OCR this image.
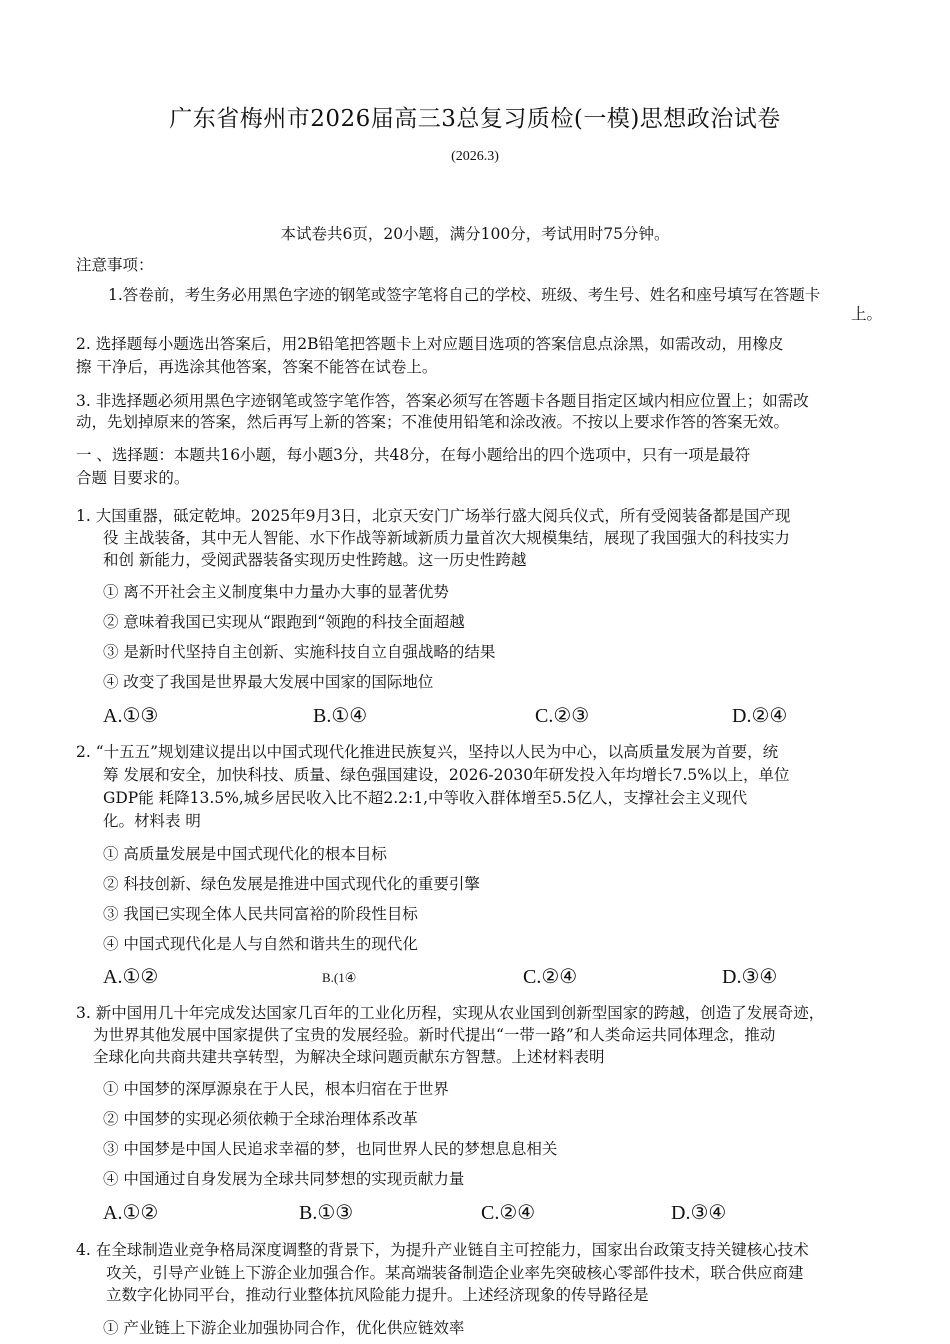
广东省梅州市2026届高三3总复习质检(一模)思想政治试卷
(2026.3)
本试卷共6页，20小题，满分100分，考试用时75分钟。
注意事项：
1.答卷前，考生务必用黑色字迹的钢笔或签字笔将自己的学校、班级、考生号、姓名和座号填写在答题卡
上。
2. 选择题每小题选出答案后，用2B铅笔把答题卡上对应题目选项的答案信息点涂黑，如需改动，用橡皮
擦 干净后，再选涂其他答案，答案不能答在试卷上。
3. 非选择题必须用黑色字迹钢笔或签字笔作答，答案必须写在答题卡各题目指定区域内相应位置上；如需改
动，先划掉原来的答案，然后再写上新的答案；不准使用铅笔和涂改液。不按以上要求作答的答案无效。
一 、选择题：本题共16小题，每小题3分，共48分，在每小题给出的四个选项中，只有一项是最符
合题 目要求的。
1. 大国重器，砥定乾坤。2025年9月3日，北京天安门广场举行盛大阅兵仪式，所有受阅装备都是国产现
役 主战装备，其中无人智能、水下作战等新域新质力量首次大规模集结，展现了我国强大的科技实力
和创 新能力，受阅武器装备实现历史性跨越。这一历史性跨越
① 离不开社会主义制度集中力量办大事的显著优势
② 意味着我国已实现从“跟跑到“领跑的科技全面超越
③ 是新时代坚持自主创新、实施科技自立自强战略的结果
④ 改变了我国是世界最大发展中国家的国际地位
A.①③	B.①④	C.②③	D.②④
2. “十五五”规划建议提出以中国式现代化推进民族复兴，坚持以人民为中心，以高质量发展为首要，统
筹 发展和安全，加快科技、质量、绿色强国建设，2026-2030年研发投入年均增长7.5%以上，单位
GDP能 耗降13.5%,城乡居民收入比不超2.2:1,中等收入群体增至5.5亿人，支撑社会主义现代
化。材料表 明
① 高质量发展是中国式现代化的根本目标
② 科技创新、绿色发展是推进中国式现代化的重要引擎
③ 我国已实现全体人民共同富裕的阶段性目标
④ 中国式现代化是人与自然和谐共生的现代化
A.①②	B.(1④	C.②④	D.③④
3. 新中国用几十年完成发达国家几百年的工业化历程，实现从农业国到创新型国家的跨越，创造了发展奇迹，
为世界其他发展中国家提供了宝贵的发展经验。新时代提出“一带一路”和人类命运共同体理念，推动
全球化向共商共建共享转型，为解决全球问题贡献东方智慧。上述材料表明
① 中国梦的深厚源泉在于人民，根本归宿在于世界
② 中国梦的实现必须依赖于全球治理体系改革
③ 中国梦是中国人民追求幸福的梦，也同世界人民的梦想息息相关
④ 中国通过自身发展为全球共同梦想的实现贡献力量
A.①②	B.①③	C.②④	D.③④
4. 在全球制造业竞争格局深度调整的背景下，为提升产业链自主可控能力，国家出台政策支持关键核心技术
攻关，引导产业链上下游企业加强合作。某高端装备制造企业率先突破核心零部件技术，联合供应商建
立数字化协同平台，推动行业整体抗风险能力提升。上述经济现象的传导路径是
① 产业链上下游企业加强协同合作，优化供应链效率
